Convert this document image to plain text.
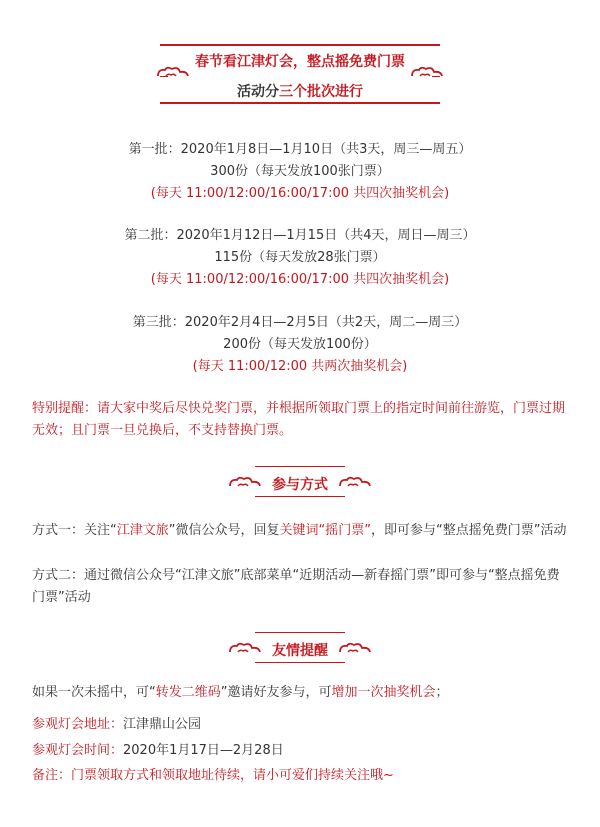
春节看江津灯会，整点摇免费门票
活动分三个批次进行
第一批：2020年1月8日—1月10日（共3天，周三—周五）
300份（每天发放100张门票）
(每天 11:00/12:00/16:00/17:00 共四次抽奖机会)
第二批：2020年1月12日—1月15日（共4天，周日—周三）
115份（每天发放28张门票）
(每天 11:00/12:00/16:00/17:00 共四次抽奖机会)
第三批：2020年2月4日—2月5日（共2天，周二—周三）
200份（每天发放100份）
(每天 11:00/12:00 共两次抽奖机会)
特别提醒：请大家中奖后尽快兑奖门票，并根据所领取门票上的指定时间前往游览，门票过期无效；且门票一旦兑换后，不支持替换门票。
参与方式
方式一：关注“江津文旅”微信公众号，回复关键词“摇门票”，即可参与“整点摇免费门票”活动
方式二：通过微信公众号“江津文旅”底部菜单“近期活动—新春摇门票”即可参与“整点摇免费门票”活动
友情提醒
如果一次未摇中，可“转发二维码”邀请好友参与，可增加一次抽奖机会；
参观灯会地址：江津鼎山公园
参观灯会时间：2020年1月17日—2月28日
备注：门票领取方式和领取地址待续，请小可爱们持续关注哦~
